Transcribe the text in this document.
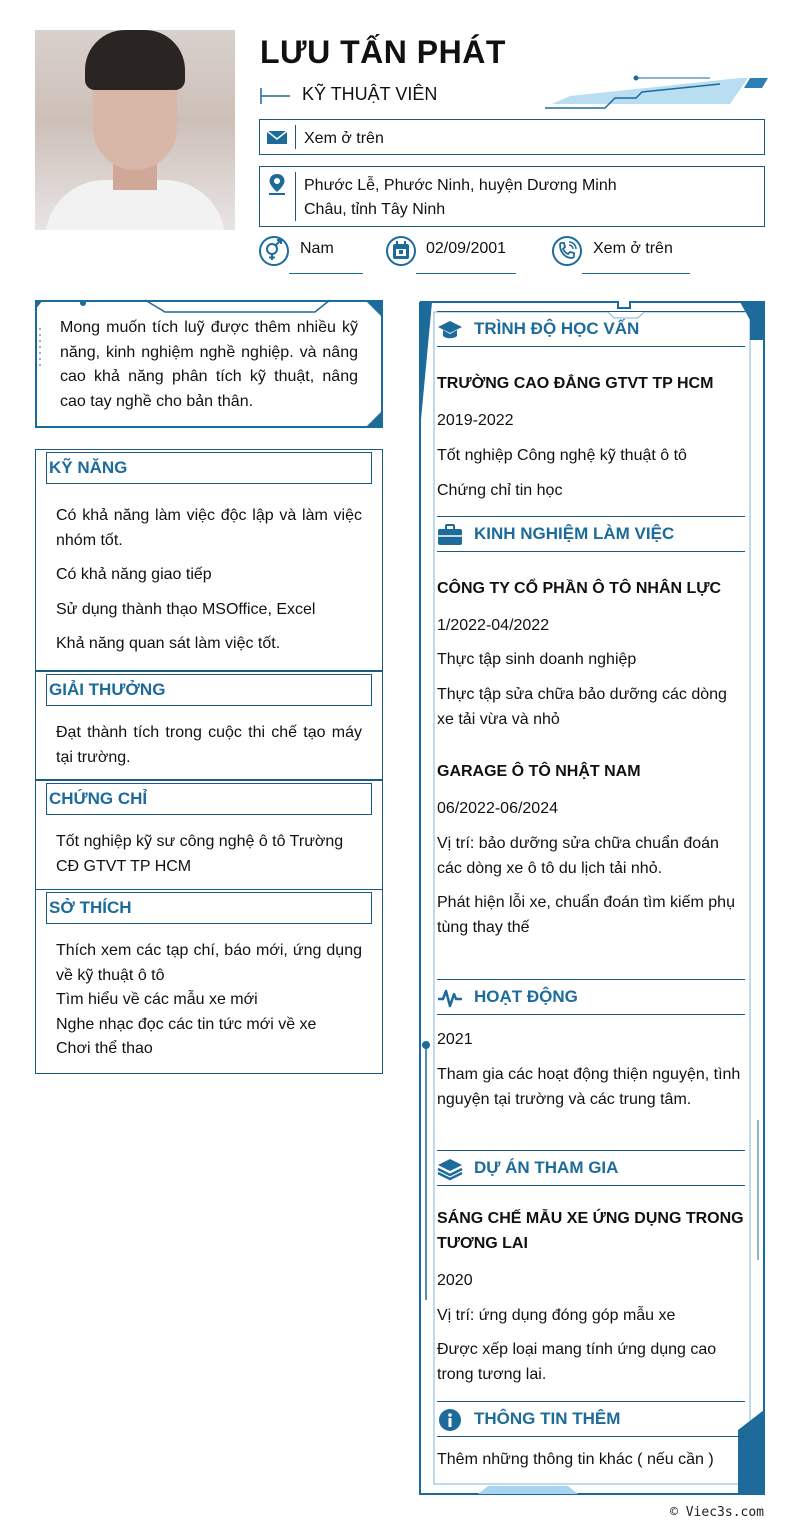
LƯU TẤN PHÁT
KỸ THUẬT VIÊN
Xem ở trên
Phước Lễ, Phước Ninh, huyện Dương Minh Châu, tỉnh Tây Ninh
Nam	02/09/2001	Xem ở trên
Mong muốn tích luỹ được thêm nhiều kỹ năng, kinh nghiệm nghề nghiệp. và nâng cao khả năng phân tích kỹ thuật, nâng cao tay nghề cho bản thân.
KỸ NĂNG

Có khả năng làm việc độc lập và làm việc nhóm tốt.

Có khả năng giao tiếp

Sử dụng thành thạo MSOffice, Excel

Khả năng quan sát làm việc tốt.

GIẢI THƯỞNG

Đạt thành tích trong cuộc thi chế tạo máy tại trường.

CHỨNG CHỈ

Tốt nghiệp kỹ sư công nghệ ô tô Trường CĐ GTVT TP HCM

SỞ THÍCH

Thích xem các tạp chí, báo mới, ứng dụng về kỹ thuật ô tô

Tìm hiểu về các mẫu xe mới

Nghe nhạc đọc các tin tức mới về xe

Chơi thể thao

TRÌNH ĐỘ HỌC VẤN
TRƯỜNG CAO ĐẲNG GTVT TP HCM
2019-2022
Tốt nghiệp Công nghệ kỹ thuật ô tô
Chứng chỉ tin học
KINH NGHIỆM LÀM VIỆC
CÔNG TY CỔ PHẦN Ô TÔ NHÂN LỰC
1/2022-04/2022
Thực tập sinh doanh nghiệp
Thực tập sửa chữa bảo dưỡng các dòng xe tải vừa và nhỏ
GARAGE Ô TÔ NHẬT NAM
06/2022-06/2024
Vị trí: bảo dưỡng sửa chữa chuẩn đoán các dòng xe ô tô du lịch tải nhỏ.
Phát hiện lỗi xe, chuẩn đoán tìm kiếm phụ tùng thay thế
HOẠT ĐỘNG
2021
Tham gia các hoạt động thiện nguyện, tình nguyện tại trường và các trung tâm.
DỰ ÁN THAM GIA
SÁNG CHẾ MẪU XE ỨNG DỤNG TRONG TƯƠNG LAI
2020
Vị trí: ứng dụng đóng góp mẫu xe
Được xếp loại mang tính ứng dụng cao trong tương lai.
THÔNG TIN THÊM
Thêm những thông tin khác ( nếu cần )
© Viec3s.com
